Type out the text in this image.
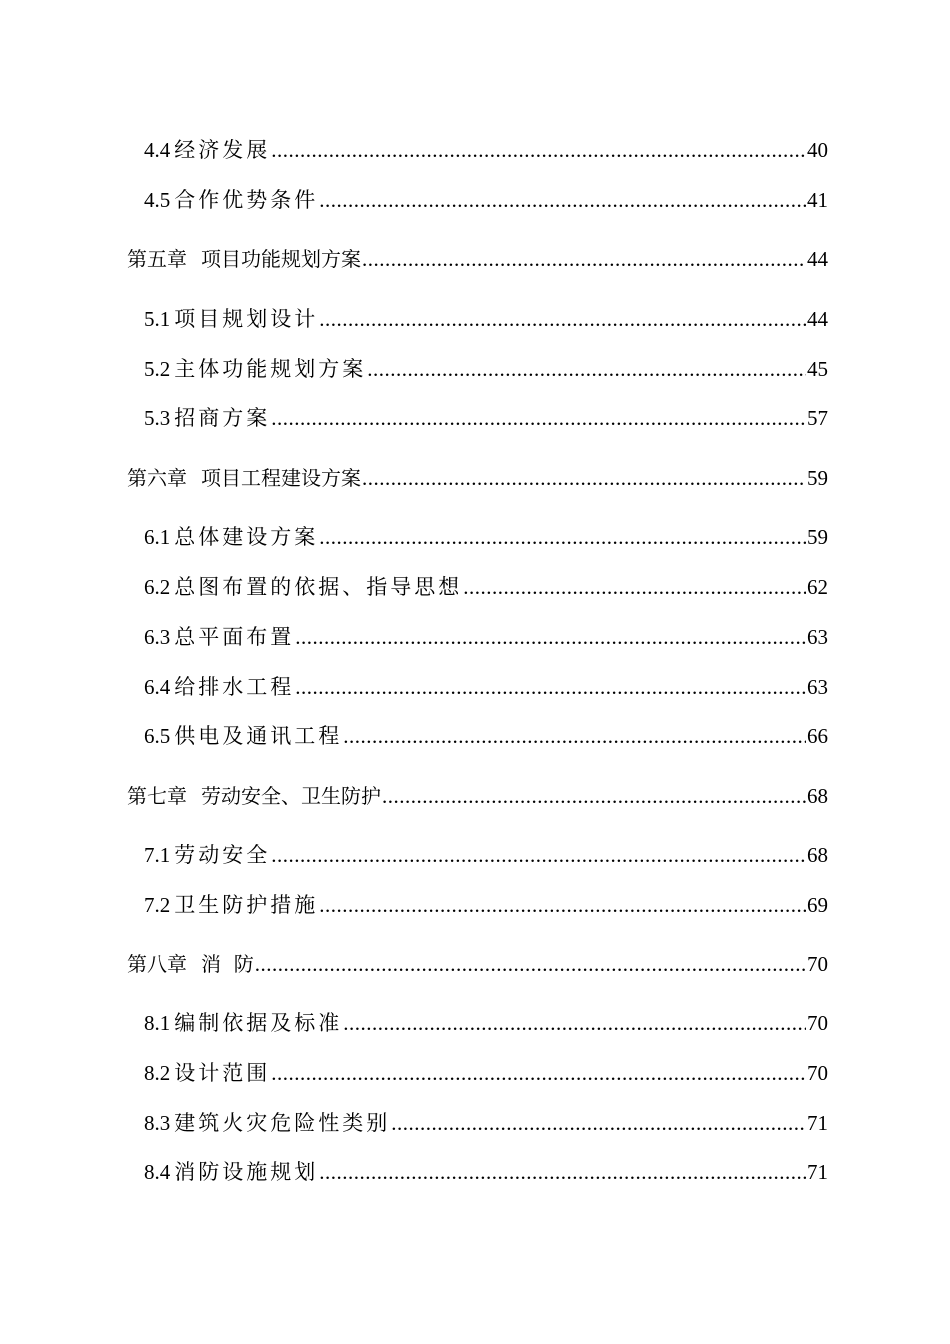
4.4 经济发展 .....	40
4.5 合作优势条件 .....	41
第五章 项目功能规划方案 .....	44
5.1 项目规划设计 .....	44
5.2 主体功能规划方案 .....	45
5.3 招商方案 .....	57
第六章 项目工程建设方案 .....	59
6.1 总体建设方案 .....	59
6.2 总图布置的依据、指导思想 .....	62
6.3 总平面布置 .....	63
6.4 给排水工程 .....	63
6.5 供电及通讯工程 .....	66
第七章 劳动安全、卫生防护 .....	68
7.1 劳动安全 .....	68
7.2 卫生防护措施 .....	69
第八章 消  防 .....	70
8.1 编制依据及标准 .....	70
8.2 设计范围 .....	70
8.3 建筑火灾危险性类别 .....	71
8.4 消防设施规划 .....	71
